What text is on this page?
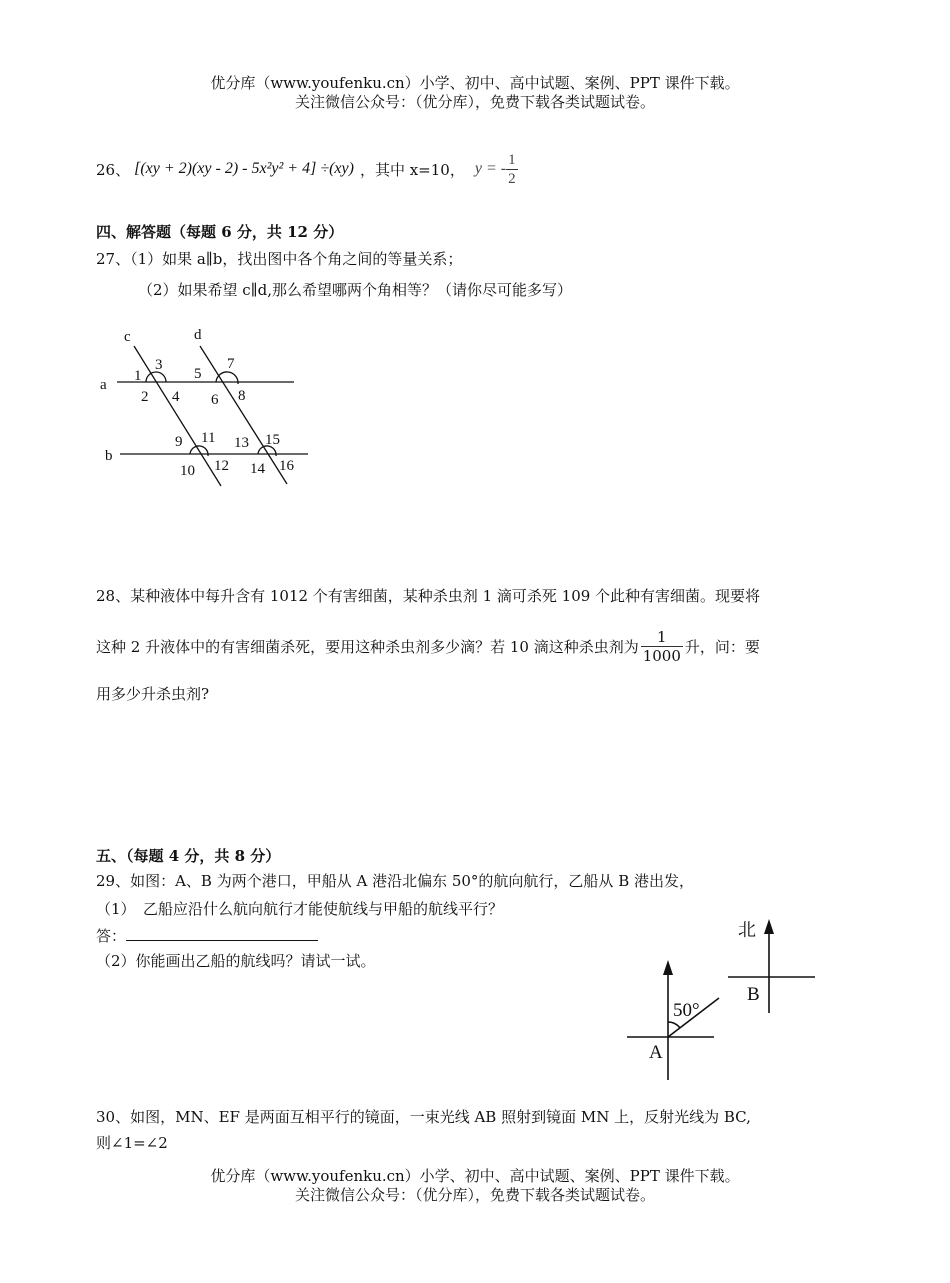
优分库（www.youfenku.cn）小学、初中、高中试题、案例、PPT 课件下载。
关注微信公众号：（优分库），免费下载各类试题试卷。
26、 [(xy + 2)(xy - 2) - 5x²y² + 4] ÷(xy) ，其中 x=10， y = - $\frac{1}{2}$
四、解答题（每题 6 分，共 12 分）
27、（1）如果 a∥b，找出图中各个角之间的等量关系；
（2）如果希望 c∥d,那么希望哪两个角相等？（请你尽可能多写）
c	d
a
b
1
2
3
4
5
6
7
8
9
10
11
12
13
14
15
16
28、某种液体中每升含有 1012 个有害细菌，某种杀虫剂 1 滴可杀死 109 个此种有害细菌。现要将
这种 2 升液体中的有害细菌杀死，要用这种杀虫剂多少滴？若 10 滴这种杀虫剂为 $\frac{1}{1000}$ 升，问：要
用多少升杀虫剂?
五、（每题 4 分，共 8 分）
29、如图：A、B 为两个港口，甲船从 A 港沿北偏东 50°的航向航行，乙船从 B 港出发，
（1）　乙船应沿什么航向航行才能使航线与甲船的航线平行？
答：
（2）你能画出乙船的航线吗？请试一试。
北
50°
A
B
30、如图，MN、EF 是两面互相平行的镜面，一束光线 AB 照射到镜面 MN 上，反射光线为 BC,
则∠1=∠2
优分库（www.youfenku.cn）小学、初中、高中试题、案例、PPT 课件下载。
关注微信公众号：（优分库），免费下载各类试题试卷。
